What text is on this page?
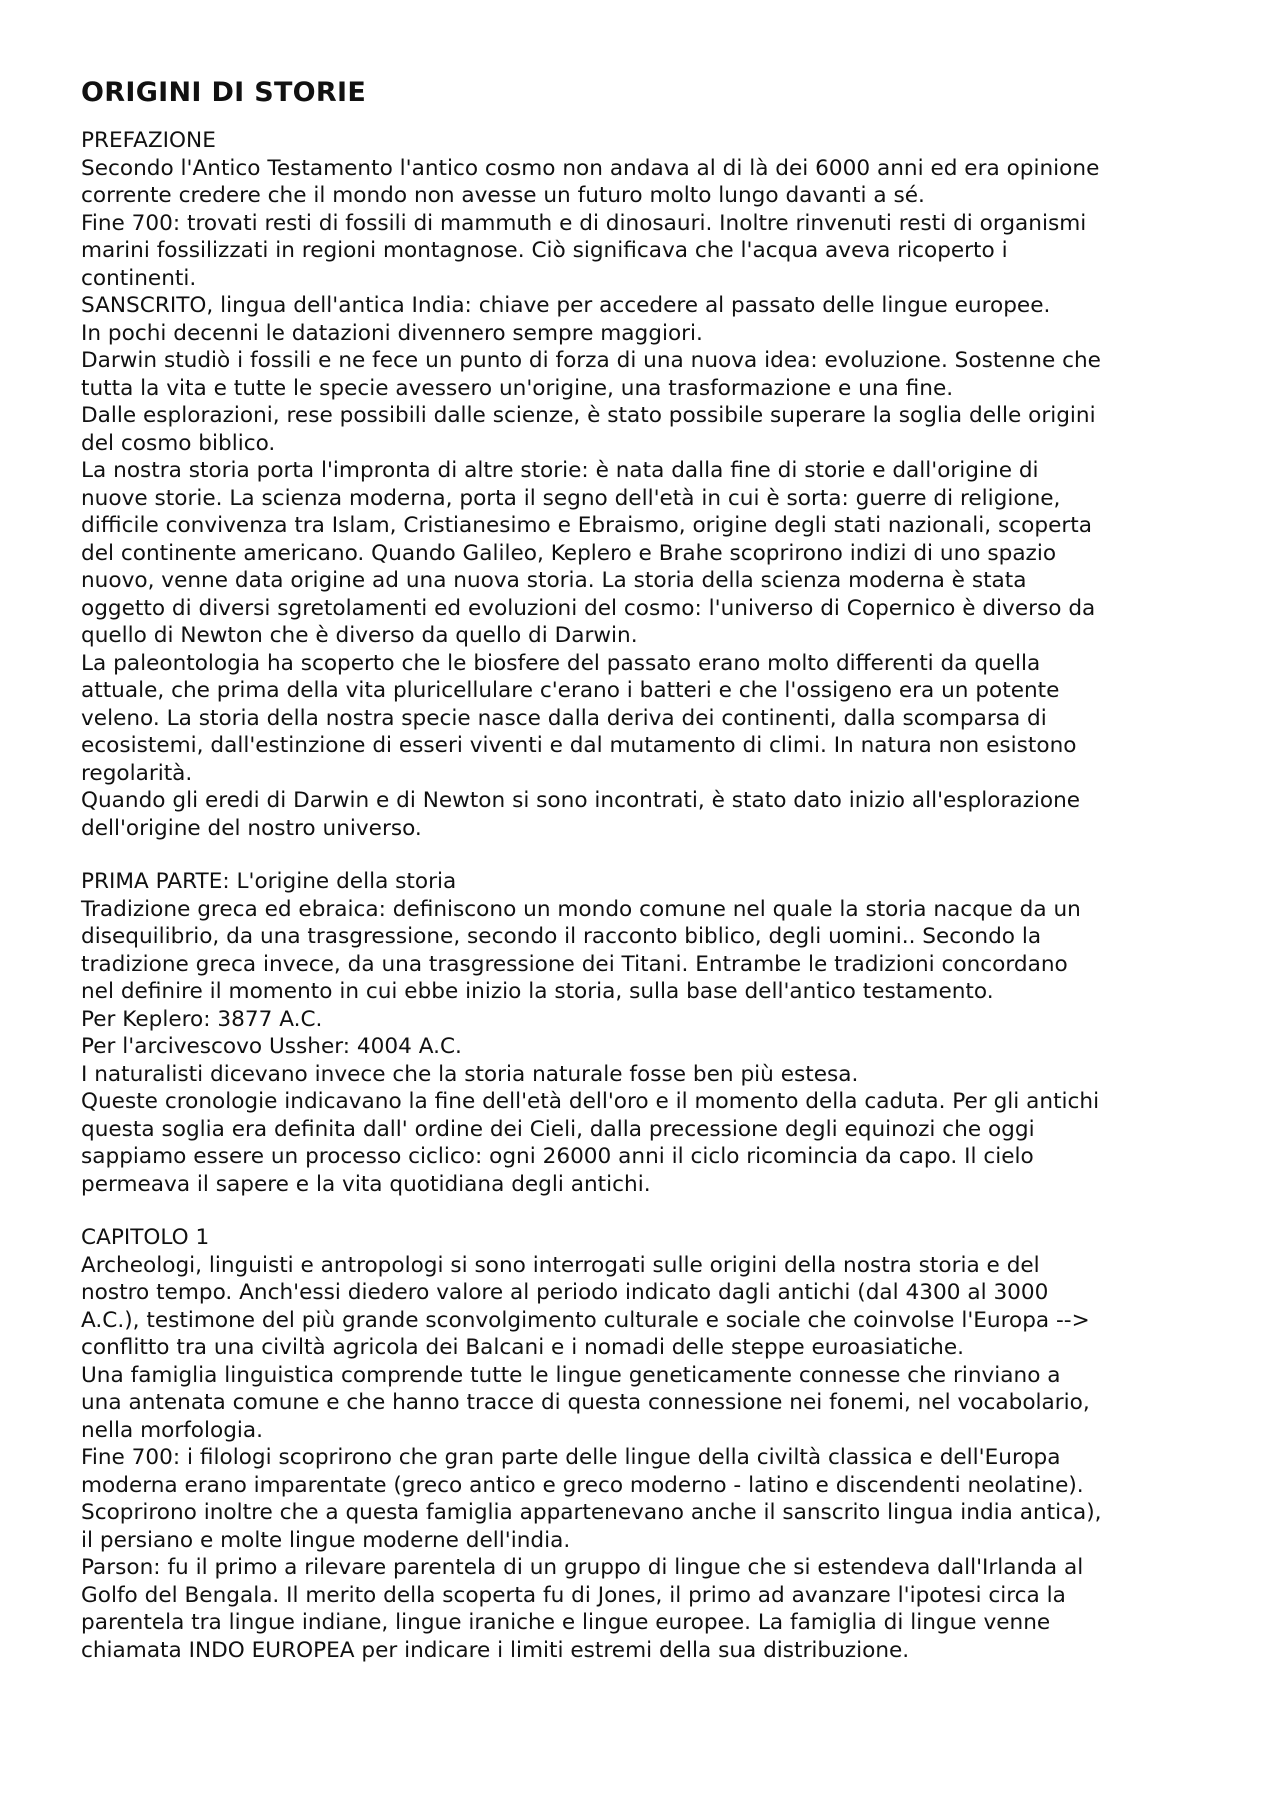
ORIGINI DI STORIE

PREFAZIONE

Secondo l'Antico Testamento l'antico cosmo non andava al di là dei 6000 anni ed era opinione

corrente credere che il mondo non avesse un futuro molto lungo davanti a sé.

Fine 700: trovati resti di fossili di mammuth e di dinosauri. Inoltre rinvenuti resti di organismi

marini fossilizzati in regioni montagnose. Ciò significava che l'acqua aveva ricoperto i

continenti.

SANSCRITO, lingua dell'antica India: chiave per accedere al passato delle lingue europee.

In pochi decenni le datazioni divennero sempre maggiori.

Darwin studiò i fossili e ne fece un punto di forza di una nuova idea: evoluzione. Sostenne che

tutta la vita e tutte le specie avessero un'origine, una trasformazione e una fine.

Dalle esplorazioni, rese possibili dalle scienze, è stato possibile superare la soglia delle origini

del cosmo biblico.

La nostra storia porta l'impronta di altre storie: è nata dalla fine di storie e dall'origine di

nuove storie. La scienza moderna, porta il segno dell'età in cui è sorta: guerre di religione,

difficile convivenza tra Islam, Cristianesimo e Ebraismo, origine degli stati nazionali, scoperta

del continente americano. Quando Galileo, Keplero e Brahe scoprirono indizi di uno spazio

nuovo, venne data origine ad una nuova storia. La storia della scienza moderna è stata

oggetto di diversi sgretolamenti ed evoluzioni del cosmo: l'universo di Copernico è diverso da

quello di Newton che è diverso da quello di Darwin.

La paleontologia ha scoperto che le biosfere del passato erano molto differenti da quella

attuale, che prima della vita pluricellulare c'erano i batteri e che l'ossigeno era un potente

veleno. La storia della nostra specie nasce dalla deriva dei continenti, dalla scomparsa di

ecosistemi, dall'estinzione di esseri viventi e dal mutamento di climi. In natura non esistono

regolarità.

Quando gli eredi di Darwin e di Newton si sono incontrati, è stato dato inizio all'esplorazione

dell'origine del nostro universo.

PRIMA PARTE: L'origine della storia

Tradizione greca ed ebraica: definiscono un mondo comune nel quale la storia nacque da un

disequilibrio, da una trasgressione, secondo il racconto biblico, degli uomini.. Secondo la

tradizione greca invece, da una trasgressione dei Titani. Entrambe le tradizioni concordano

nel definire il momento in cui ebbe inizio la storia, sulla base dell'antico testamento.

Per Keplero: 3877 A.C.

Per l'arcivescovo Ussher: 4004 A.C.

I naturalisti dicevano invece che la storia naturale fosse ben più estesa.

Queste cronologie indicavano la fine dell'età dell'oro e il momento della caduta. Per gli antichi

questa soglia era definita dall' ordine dei Cieli, dalla precessione degli equinozi che oggi

sappiamo essere un processo ciclico: ogni 26000 anni il ciclo ricomincia da capo. Il cielo

permeava il sapere e la vita quotidiana degli antichi.

CAPITOLO 1

Archeologi, linguisti e antropologi si sono interrogati sulle origini della nostra storia e del

nostro tempo. Anch'essi diedero valore al periodo indicato dagli antichi (dal 4300 al 3000

A.C.), testimone del più grande sconvolgimento culturale e sociale che coinvolse l'Europa -->

conflitto tra una civiltà agricola dei Balcani e i nomadi delle steppe euroasiatiche.

Una famiglia linguistica comprende tutte le lingue geneticamente connesse che rinviano a

una antenata comune e che hanno tracce di questa connessione nei fonemi, nel vocabolario,

nella morfologia.

Fine 700: i filologi scoprirono che gran parte delle lingue della civiltà classica e dell'Europa

moderna erano imparentate (greco antico e greco moderno - latino e discendenti neolatine).

Scoprirono inoltre che a questa famiglia appartenevano anche il sanscrito lingua india antica),

il persiano e molte lingue moderne dell'india.

Parson: fu il primo a rilevare parentela di un gruppo di lingue che si estendeva dall'Irlanda al

Golfo del Bengala. Il merito della scoperta fu di Jones, il primo ad avanzare l'ipotesi circa la

parentela tra lingue indiane, lingue iraniche e lingue europee. La famiglia di lingue venne

chiamata INDO EUROPEA per indicare i limiti estremi della sua distribuzione.
